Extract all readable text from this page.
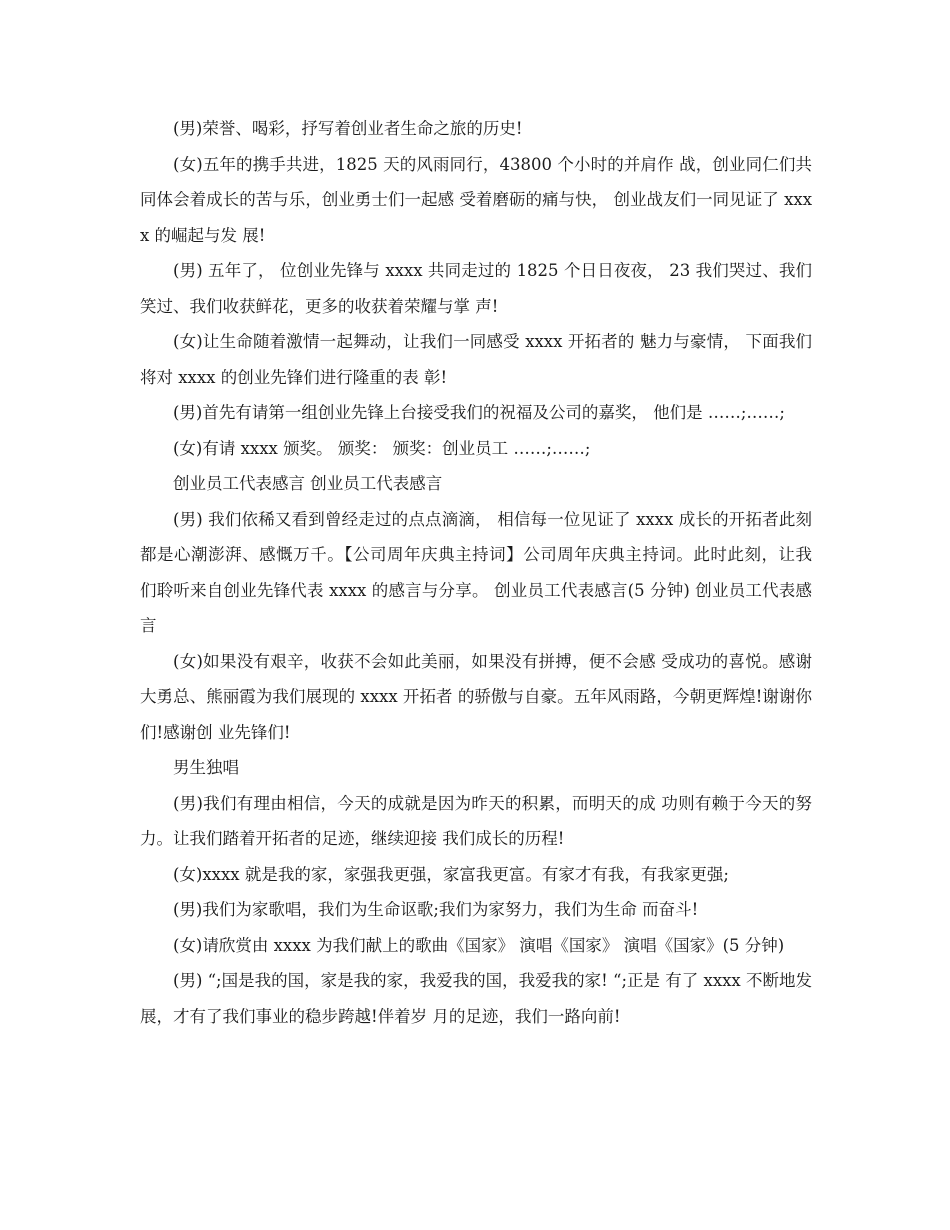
(男)荣誉、喝彩，抒写着创业者生命之旅的历史!

(女)五年的携手共进，1825 天的风雨同行，43800 个小时的并肩作 战，创业同仁们共同体会着成长的苦与乐，创业勇士们一起感 受着磨砺的痛与快， 创业战友们一同见证了 xxxx 的崛起与发 展!

(男) 五年了， 位创业先锋与 xxxx 共同走过的 1825 个日日夜夜， 23 我们哭过、我们笑过、我们收获鲜花，更多的收获着荣耀与掌 声!

(女)让生命随着激情一起舞动，让我们一同感受 xxxx 开拓者的 魅力与豪情， 下面我们将对 xxxx 的创业先锋们进行隆重的表 彰!

(男)首先有请第一组创业先锋上台接受我们的祝福及公司的嘉奖， 他们是 ……;……;

(女)有请 xxxx 颁奖。 颁奖： 颁奖：创业员工 ……;……;

创业员工代表感言 创业员工代表感言

(男) 我们依稀又看到曾经走过的点点滴滴， 相信每一位见证了 xxxx 成长的开拓者此刻都是心潮澎湃、感慨万千。【公司周年庆典主持词】公司周年庆典主持词。此时此刻，让我 们聆听来自创业先锋代表 xxxx 的感言与分享。 创业员工代表感言(5 分钟) 创业员工代表感言

(女)如果没有艰辛，收获不会如此美丽，如果没有拼搏，便不会感 受成功的喜悦。感谢大勇总、熊丽霞为我们展现的 xxxx 开拓者 的骄傲与自豪。五年风雨路，今朝更辉煌!谢谢你们!感谢创 业先锋们!

男生独唱

(男)我们有理由相信，今天的成就是因为昨天的积累，而明天的成 功则有赖于今天的努力。让我们踏着开拓者的足迹，继续迎接 我们成长的历程!

(女)xxxx 就是我的家，家强我更强，家富我更富。有家才有我，有我家更强;

(男)我们为家歌唱，我们为生命讴歌;我们为家努力，我们为生命 而奋斗!

(女)请欣赏由 xxxx 为我们献上的歌曲《国家》 演唱《国家》 演唱《国家》(5 分钟)

(男) “;国是我的国，家是我的家，我爱我的国，我爱我的家! “;正是 有了 xxxx 不断地发展，才有了我们事业的稳步跨越!伴着岁 月的足迹，我们一路向前!
